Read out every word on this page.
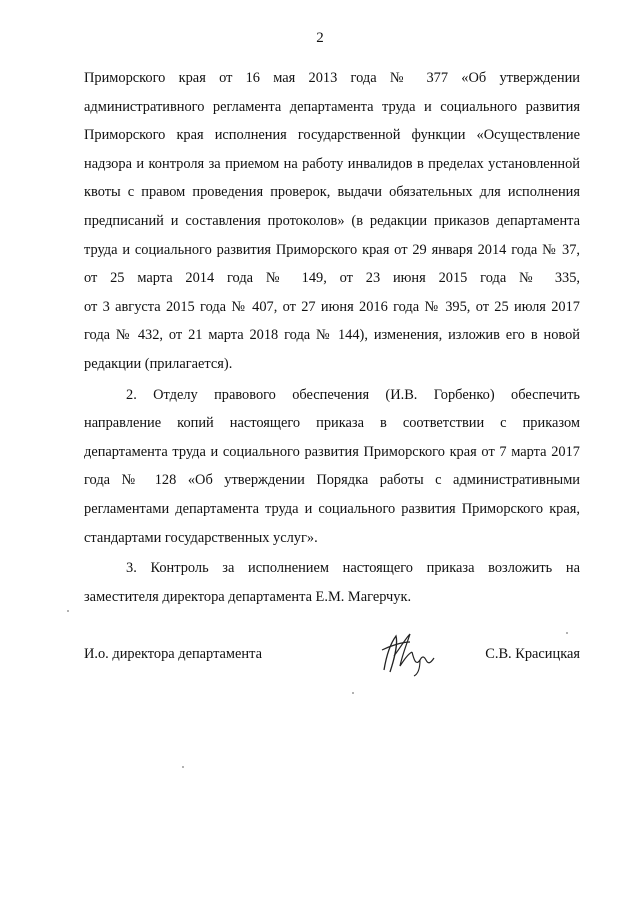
2
Приморского края от 16 мая 2013 года № 377 «Об утверждении
административного регламента департамента труда и социального развития
Приморского края исполнения государственной функции «Осуществление
надзора и контроля за приемом на работу инвалидов в пределах установленной
квоты с правом проведения проверок, выдачи обязательных для исполнения
предписаний и составления протоколов» (в редакции приказов департамента
труда и социального развития Приморского края от 29 января 2014 года № 37,
от 25 марта 2014 года № 149, от 23 июня 2015 года № 335,
от 3 августа 2015 года № 407, от 27 июня 2016 года № 395, от 25 июля 2017
года № 432, от 21 марта 2018 года № 144), изменения, изложив его в новой
редакции (прилагается).
2. Отделу правового обеспечения (И.В. Горбенко) обеспечить
направление копий настоящего приказа в соответствии с приказом
департамента труда и социального развития Приморского края от 7 марта 2017
года № 128 «Об утверждении Порядка работы с административными
регламентами департамента труда и социального развития Приморского края,
стандартами государственных услуг».
3. Контроль за исполнением настоящего приказа возложить на
заместителя директора департамента Е.М. Магерчук.
И.о. директора департамента	С.В. Красицкая
